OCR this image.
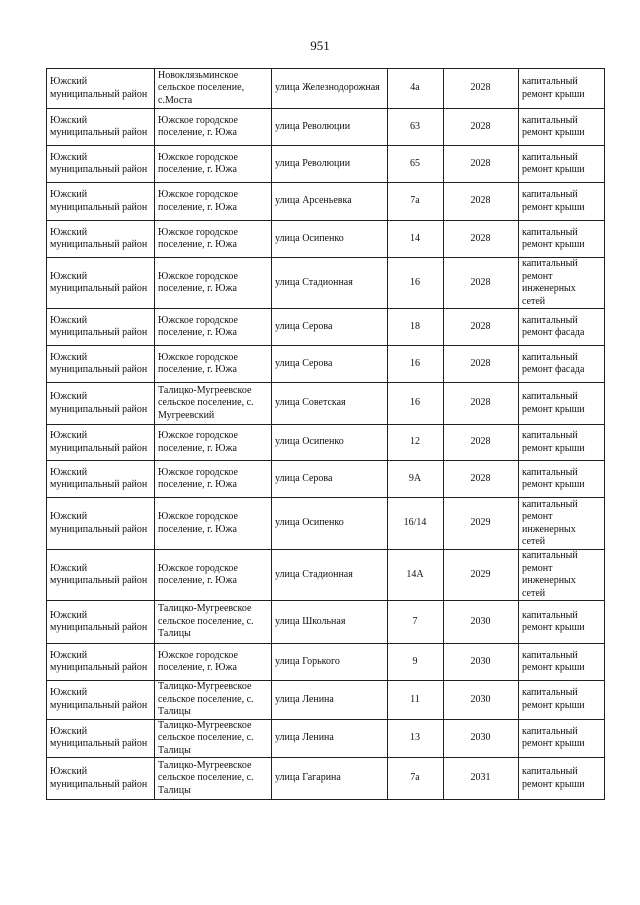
951
Южский муниципальный район	Новоклязьминское сельское поселение, с.Моста	улица Железнодорожная	4а	2028	капитальный ремонт крыши
Южский муниципальный район	Южское городское поселение, г. Южа	улица Революции	63	2028	капитальный ремонт крыши
Южский муниципальный район	Южское городское поселение, г. Южа	улица Революции	65	2028	капитальный ремонт крыши
Южский муниципальный район	Южское городское поселение, г. Южа	улица Арсеньевка	7а	2028	капитальный ремонт крыши
Южский муниципальный район	Южское городское поселение, г. Южа	улица Осипенко	14	2028	капитальный ремонт крыши
Южский муниципальный район	Южское городское поселение, г. Южа	улица Стадионная	16	2028	капитальный ремонт инженерных сетей
Южский муниципальный район	Южское городское поселение, г. Южа	улица Серова	18	2028	капитальный ремонт фасада
Южский муниципальный район	Южское городское поселение, г. Южа	улица Серова	16	2028	капитальный ремонт фасада
Южский муниципальный район	Талицко-Мугреевское сельское поселение, с. Мугреевский	улица Советская	16	2028	капитальный ремонт крыши
Южский муниципальный район	Южское городское поселение, г. Южа	улица Осипенко	12	2028	капитальный ремонт крыши
Южский муниципальный район	Южское городское поселение, г. Южа	улица Серова	9А	2028	капитальный ремонт крыши
Южский муниципальный район	Южское городское поселение, г. Южа	улица Осипенко	16/14	2029	капитальный ремонт инженерных сетей
Южский муниципальный район	Южское городское поселение, г. Южа	улица Стадионная	14А	2029	капитальный ремонт инженерных сетей
Южский муниципальный район	Талицко-Мугреевское сельское поселение, с. Талицы	улица Школьная	7	2030	капитальный ремонт крыши
Южский муниципальный район	Южское городское поселение, г. Южа	улица Горького	9	2030	капитальный ремонт крыши
Южский муниципальный район	Талицко-Мугреевское сельское поселение, с. Талицы	улица Ленина	11	2030	капитальный ремонт крыши
Южский муниципальный район	Талицко-Мугреевское сельское поселение, с. Талицы	улица Ленина	13	2030	капитальный ремонт крыши
Южский муниципальный район	Талицко-Мугреевское сельское поселение, с. Талицы	улица Гагарина	7а	2031	капитальный ремонт крыши
